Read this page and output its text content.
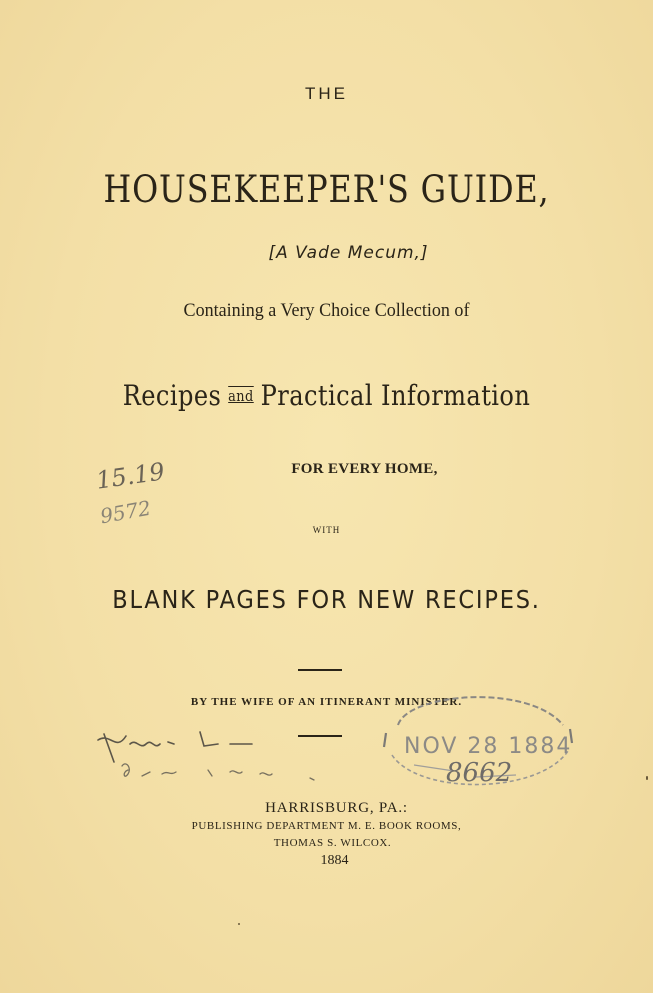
THE
HOUSEKEEPER'S GUIDE,
[A Vade Mecum,]
Containing a Very Choice Collection of
Recipes and Practical Information
FOR EVERY HOME,
WITH
BLANK PAGES FOR NEW RECIPES.
BY THE WIFE OF AN ITINERANT MINISTER.
HARRISBURG, PA.:
PUBLISHING DEPARTMENT M. E. BOOK ROOMS,
THOMAS S. WILCOX.
1884
15.19
9572
NOV 28 1884
8662
